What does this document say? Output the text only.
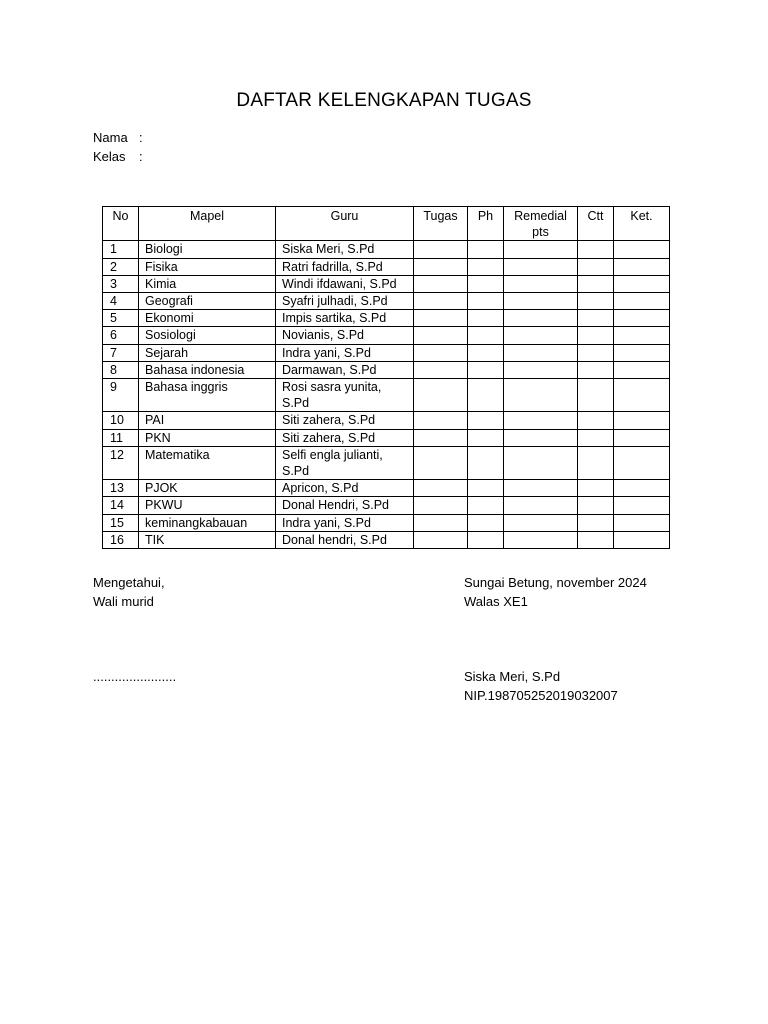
DAFTAR KELENGKAPAN TUGAS
Nama :
Kelas :
No	Mapel	Guru	Tugas	Ph	Remedial pts	Ctt	Ket.
1	Biologi	Siska Meri, S.Pd					
2	Fisika	Ratri fadrilla, S.Pd					
3	Kimia	Windi ifdawani, S.Pd					
4	Geografi	Syafri julhadi, S.Pd					
5	Ekonomi	Impis sartika, S.Pd					
6	Sosiologi	Novianis, S.Pd					
7	Sejarah	Indra yani, S.Pd					
8	Bahasa indonesia	Darmawan, S.Pd					
9	Bahasa inggris	Rosi sasra yunita, S.Pd					
10	PAI	Siti zahera, S.Pd					
11	PKN	Siti zahera, S.Pd					
12	Matematika	Selfi engla julianti, S.Pd					
13	PJOK	Apricon, S.Pd					
14	PKWU	Donal Hendri, S.Pd					
15	keminangkabauan	Indra yani, S.Pd					
16	TIK	Donal hendri, S.Pd					
Mengetahui,
Wali murid
.......................
Sungai Betung, november 2024
Walas XE1
Siska Meri, S.Pd
NIP.198705252019032007
